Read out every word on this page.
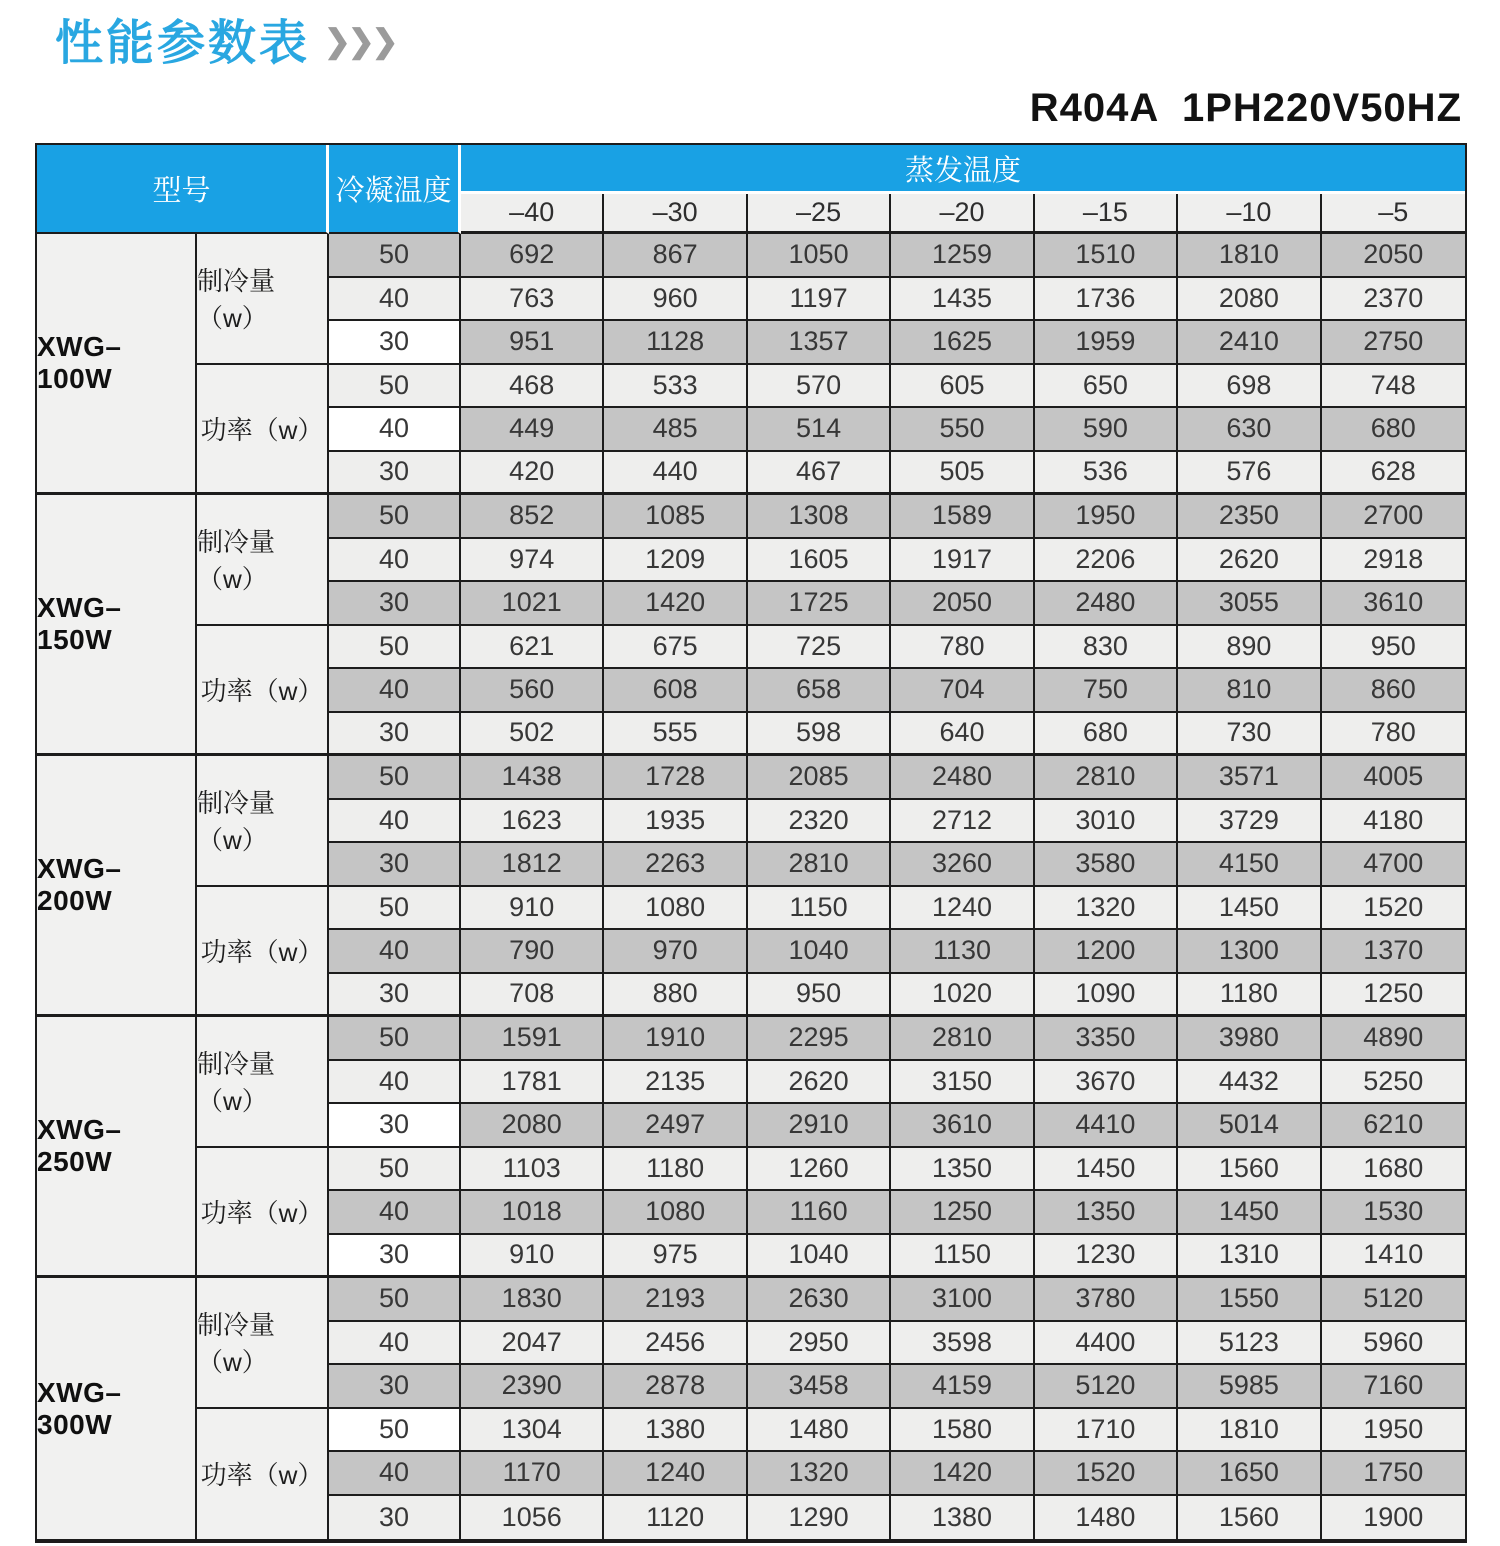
性能参数表 ❯❯❯
R404A  1PH220V50HZ
型号	冷凝温度
蒸发温度
–40	–30	–25	–20	–15	–10	–5
XWG–100W
制冷量（w）
功率（w）
50	692	867	1050	1259	1510	1810	2050
40	763	960	1197	1435	1736	2080	2370
30	951	1128	1357	1625	1959	2410	2750
50	468	533	570	605	650	698	748
40	449	485	514	550	590	630	680
30	420	440	467	505	536	576	628
XWG–150W
制冷量（w）
功率（w）
50	852	1085	1308	1589	1950	2350	2700
40	974	1209	1605	1917	2206	2620	2918
30	1021	1420	1725	2050	2480	3055	3610
50	621	675	725	780	830	890	950
40	560	608	658	704	750	810	860
30	502	555	598	640	680	730	780
XWG–200W
制冷量（w）
功率（w）
50	1438	1728	2085	2480	2810	3571	4005
40	1623	1935	2320	2712	3010	3729	4180
30	1812	2263	2810	3260	3580	4150	4700
50	910	1080	1150	1240	1320	1450	1520
40	790	970	1040	1130	1200	1300	1370
30	708	880	950	1020	1090	1180	1250
XWG–250W
制冷量（w）
功率（w）
50	1591	1910	2295	2810	3350	3980	4890
40	1781	2135	2620	3150	3670	4432	5250
30	2080	2497	2910	3610	4410	5014	6210
50	1103	1180	1260	1350	1450	1560	1680
40	1018	1080	1160	1250	1350	1450	1530
30	910	975	1040	1150	1230	1310	1410
XWG–300W
制冷量（w）
功率（w）
50	1830	2193	2630	3100	3780	1550	5120
40	2047	2456	2950	3598	4400	5123	5960
30	2390	2878	3458	4159	5120	5985	7160
50	1304	1380	1480	1580	1710	1810	1950
40	1170	1240	1320	1420	1520	1650	1750
30	1056	1120	1290	1380	1480	1560	1900
